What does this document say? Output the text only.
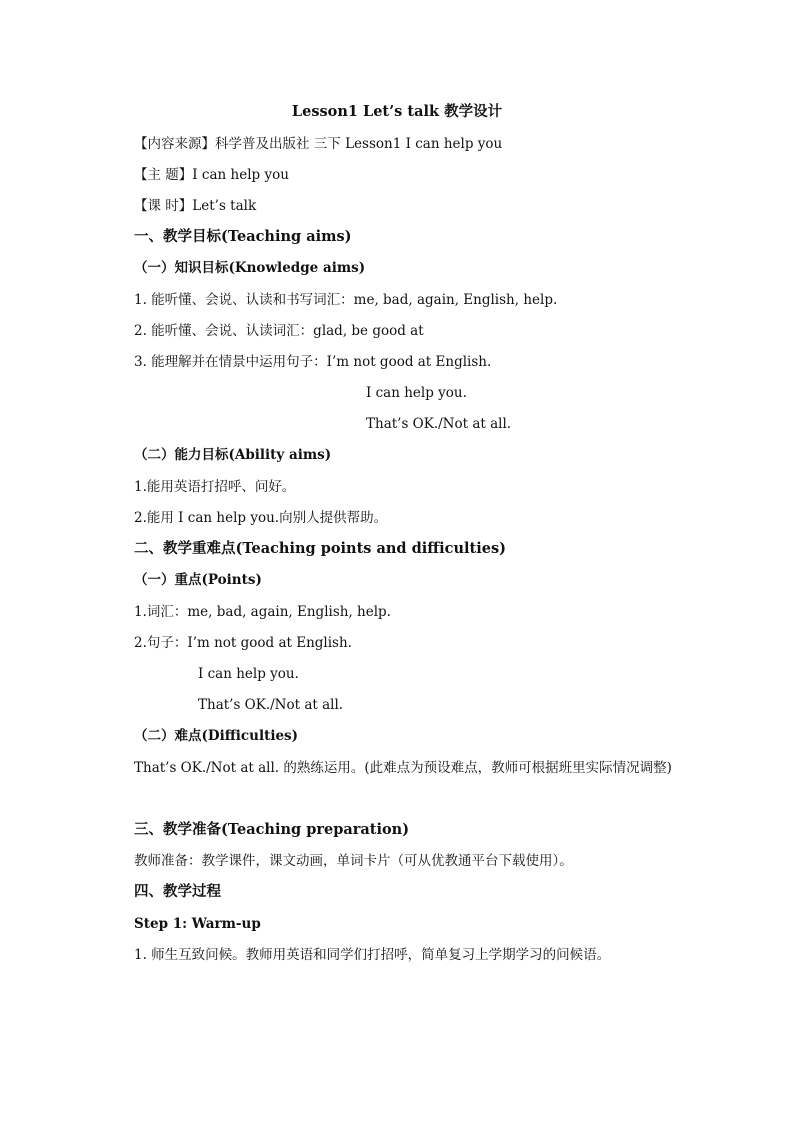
Lesson1 Let’s talk 教学设计
【内容来源】科学普及出版社 三下 Lesson1 I can help you
【主 题】I can help you
【课 时】Let’s talk
一、教学目标(Teaching aims)
（一）知识目标(Knowledge aims)
1. 能听懂、会说、认读和书写词汇：me, bad, again, English, help.
2. 能听懂、会说、认读词汇：glad, be good at
3. 能理解并在情景中运用句子：I’m not good at English.
I can help you.
That’s OK./Not at all.
（二）能力目标(Ability aims)
1.能用英语打招呼、问好。
2.能用 I can help you.向别人提供帮助。
二、教学重难点(Teaching points and difficulties)
（一）重点(Points)
1.词汇：me, bad, again, English, help.
2.句子：I’m not good at English.
I can help you.
That’s OK./Not at all.
（二）难点(Difficulties)
That’s OK./Not at all. 的熟练运用。(此难点为预设难点，教师可根据班里实际情况调整)
三、教学准备(Teaching preparation)
教师准备：教学课件，课文动画，单词卡片（可从优教通平台下载使用）。
四、教学过程
Step 1: Warm-up
1. 师生互致问候。教师用英语和同学们打招呼，简单复习上学期学习的问候语。
